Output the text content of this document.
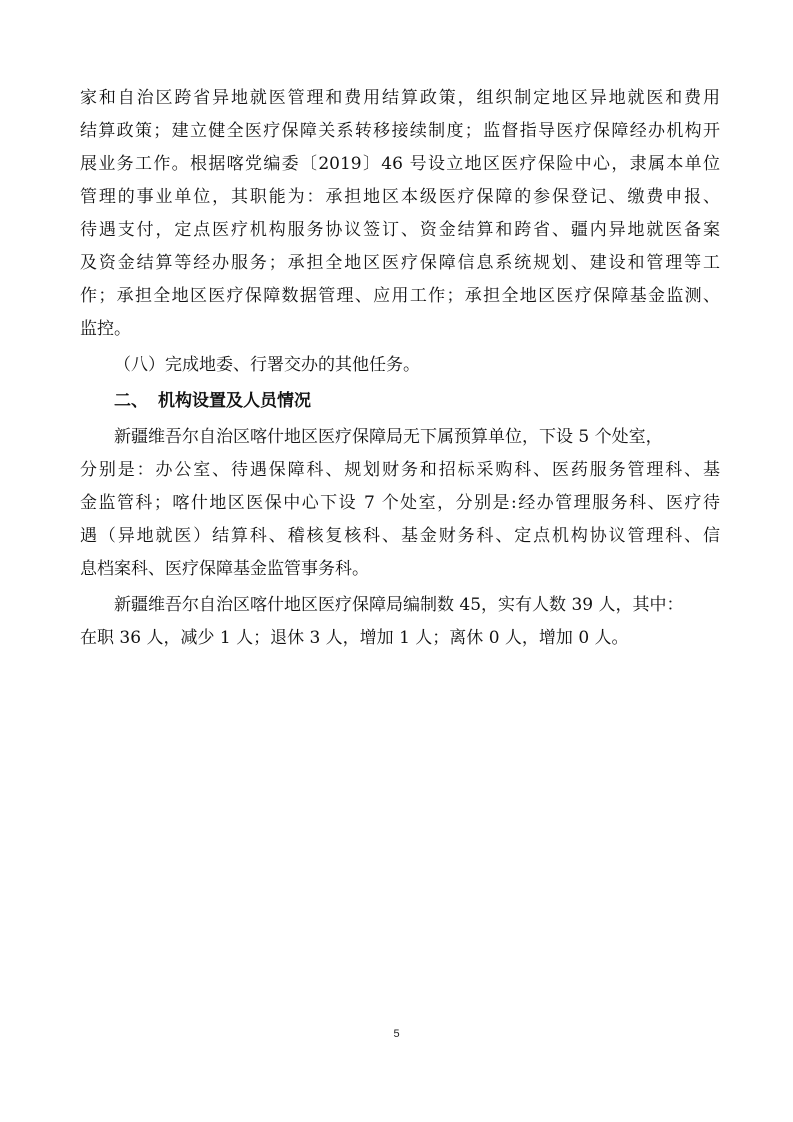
家和自治区跨省异地就医管理和费用结算政策，组织制定地区异地就医和费用
结算政策；建立健全医疗保障关系转移接续制度；监督指导医疗保障经办机构开
展业务工作。根据喀党编委〔2019〕46 号设立地区医疗保险中心，隶属本单位
管理的事业单位，其职能为：承担地区本级医疗保障的参保登记、缴费申报、
待遇支付，定点医疗机构服务协议签订、资金结算和跨省、疆内异地就医备案
及资金结算等经办服务；承担全地区医疗保障信息系统规划、建设和管理等工
作；承担全地区医疗保障数据管理、应用工作；承担全地区医疗保障基金监测、
监控。
（八）完成地委、行署交办的其他任务。
二、 机构设置及人员情况
新疆维吾尔自治区喀什地区医疗保障局无下属预算单位，下设 5 个处室，
分别是：办公室、待遇保障科、规划财务和招标采购科、医药服务管理科、基
金监管科；喀什地区医保中心下设 7 个处室，分别是:经办管理服务科、医疗待
遇（异地就医）结算科、稽核复核科、基金财务科、定点机构协议管理科、信
息档案科、医疗保障基金监管事务科。
新疆维吾尔自治区喀什地区医疗保障局编制数 45，实有人数 39 人，其中：
在职 36 人，减少 1 人；退休 3 人，增加 1 人；离休 0 人，增加 0 人。
5
